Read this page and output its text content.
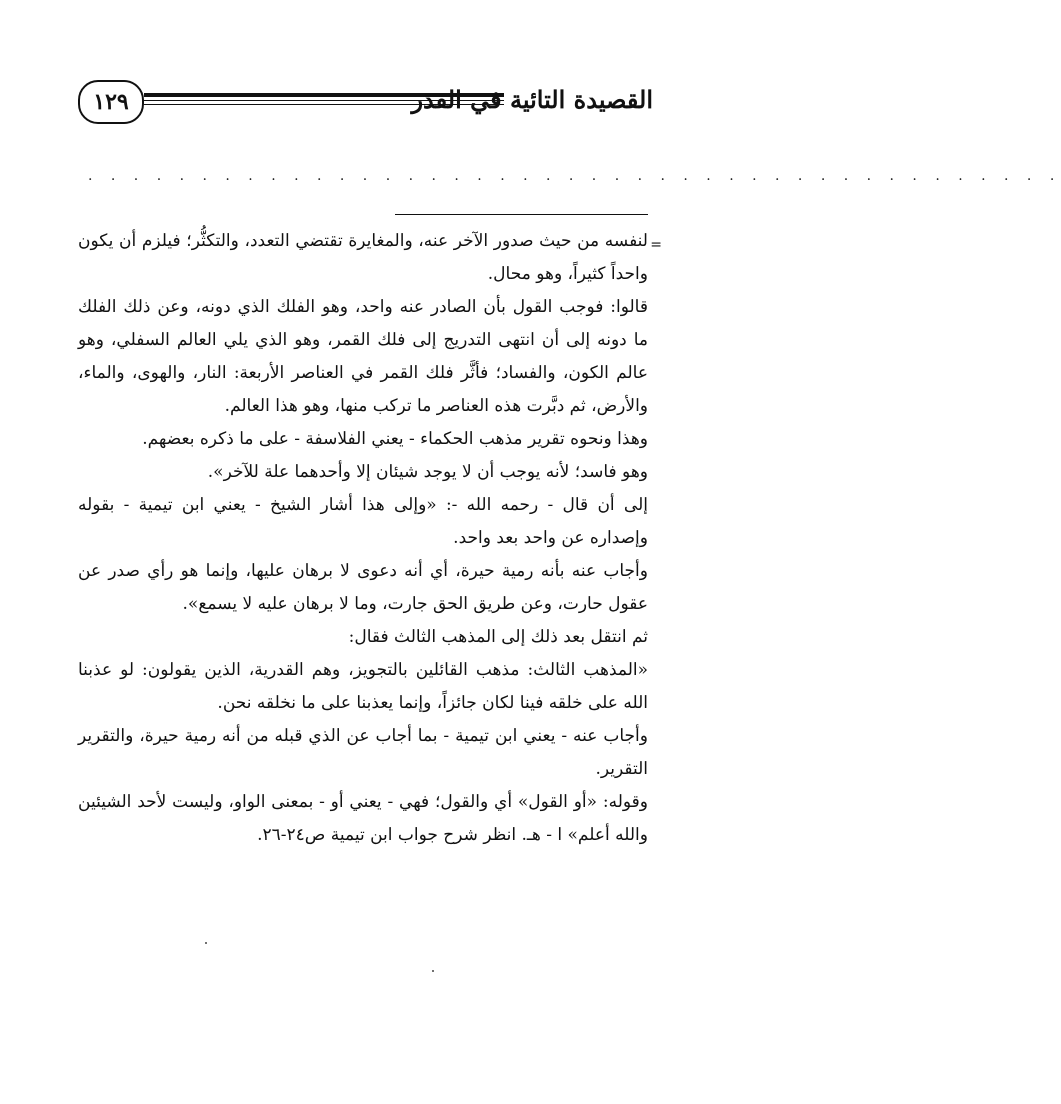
١٢٩	القصيدة التائية في القدر
. . . . . . . . . . . . . . . . . . . . . . . . . . . . . . . . . . . . . . . . . . .
=

لنفسه من حيث صدور الآخر عنه، والمغايرة تقتضي التعدد، والتكثُّر؛ فيلزم أن يكون واحداً كثيراً، وهو محال.

قالوا: فوجب القول بأن الصادر عنه واحد، وهو الفلك الذي دونه، وعن ذلك الفلك ما دونه إلى أن انتهى التدريج إلى فلك القمر، وهو الذي يلي العالم السفلي، وهو عالم الكون، والفساد؛ فأثَّر فلك القمر في العناصر الأربعة: النار، والهوى، والماء، والأرض، ثم دبَّرت هذه العناصر ما تركب منها، وهو هذا العالم.

وهذا ونحوه تقرير مذهب الحكماء - يعني الفلاسفة - على ما ذكره بعضهم.

وهو فاسد؛ لأنه يوجب أن لا يوجد شيئان إلا وأحدهما علة للآخر».

إلى أن قال - رحمه الله -: «وإلى هذا أشار الشيخ - يعني ابن تيمية - بقوله وإصداره عن واحد بعد واحد.

وأجاب عنه بأنه رمية حيرة، أي أنه دعوى لا برهان عليها، وإنما هو رأي صدر عن عقول حارت، وعن طريق الحق جارت، وما لا برهان عليه لا يسمع».

ثم انتقل بعد ذلك إلى المذهب الثالث فقال:

«المذهب الثالث: مذهب القائلين بالتجويز، وهم القدرية، الذين يقولون: لو عذبنا الله على خلقه فينا لكان جائزاً، وإنما يعذبنا على ما نخلقه نحن.

وأجاب عنه - يعني ابن تيمية - بما أجاب عن الذي قبله من أنه رمية حيرة، والتقرير التقرير.

وقوله: «أو القول» أي والقول؛ فهي - يعني أو - بمعنى الواو، وليست لأحد الشيئين والله أعلم» ا - هـ. انظر شرح جواب ابن تيمية ص٢٤-٢٦.
